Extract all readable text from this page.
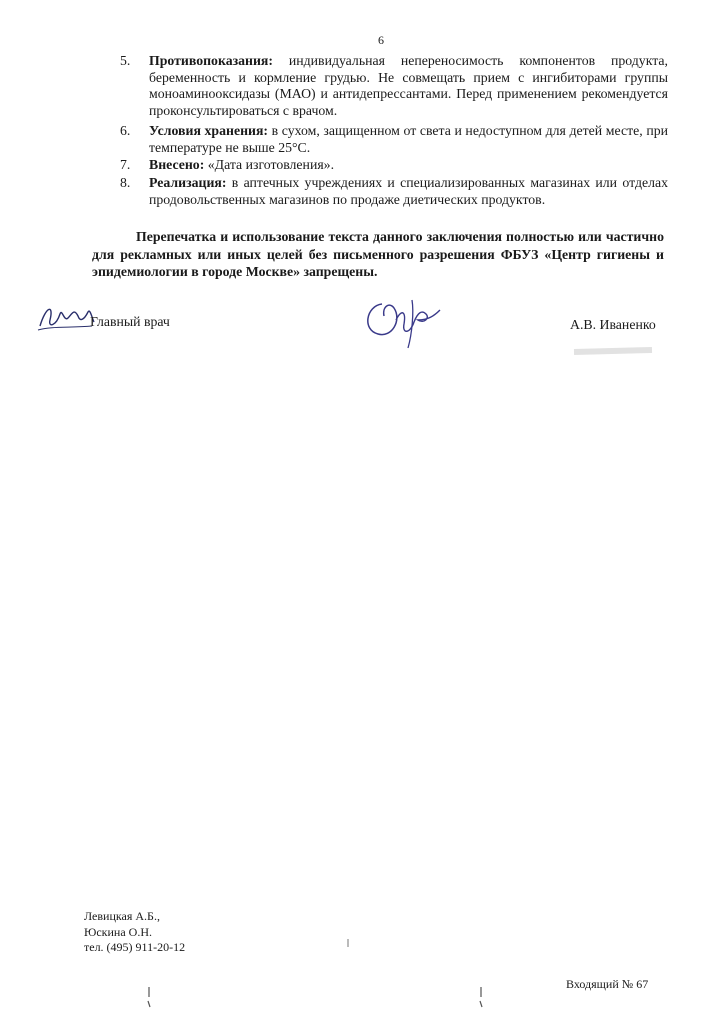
6
5. Противопоказания: индивидуальная непереносимость компонентов продукта, беременность и кормление грудью. Не совмещать прием с ингибиторами группы моноаминооксидазы (МАО) и антидепрессантами. Перед применением рекомендуется проконсультироваться с врачом.
6. Условия хранения: в сухом, защищенном от света и недоступном для детей месте, при температуре не выше 25°С.
7. Внесено: «Дата изготовления».
8. Реализация: в аптечных учреждениях и специализированных магазинах или отделах продовольственных магазинов по продаже диетических продуктов.
Перепечатка и использование текста данного заключения полностью или частично для рекламных или иных целей без письменного разрешения ФБУЗ «Центр гигиены и эпидемиологии в городе Москве» запрещены.
Главный врач	А.В. Иваненко
Левицкая А.Б.,
Юскина О.Н.
тел. (495) 911-20-12
Входящий № 67
